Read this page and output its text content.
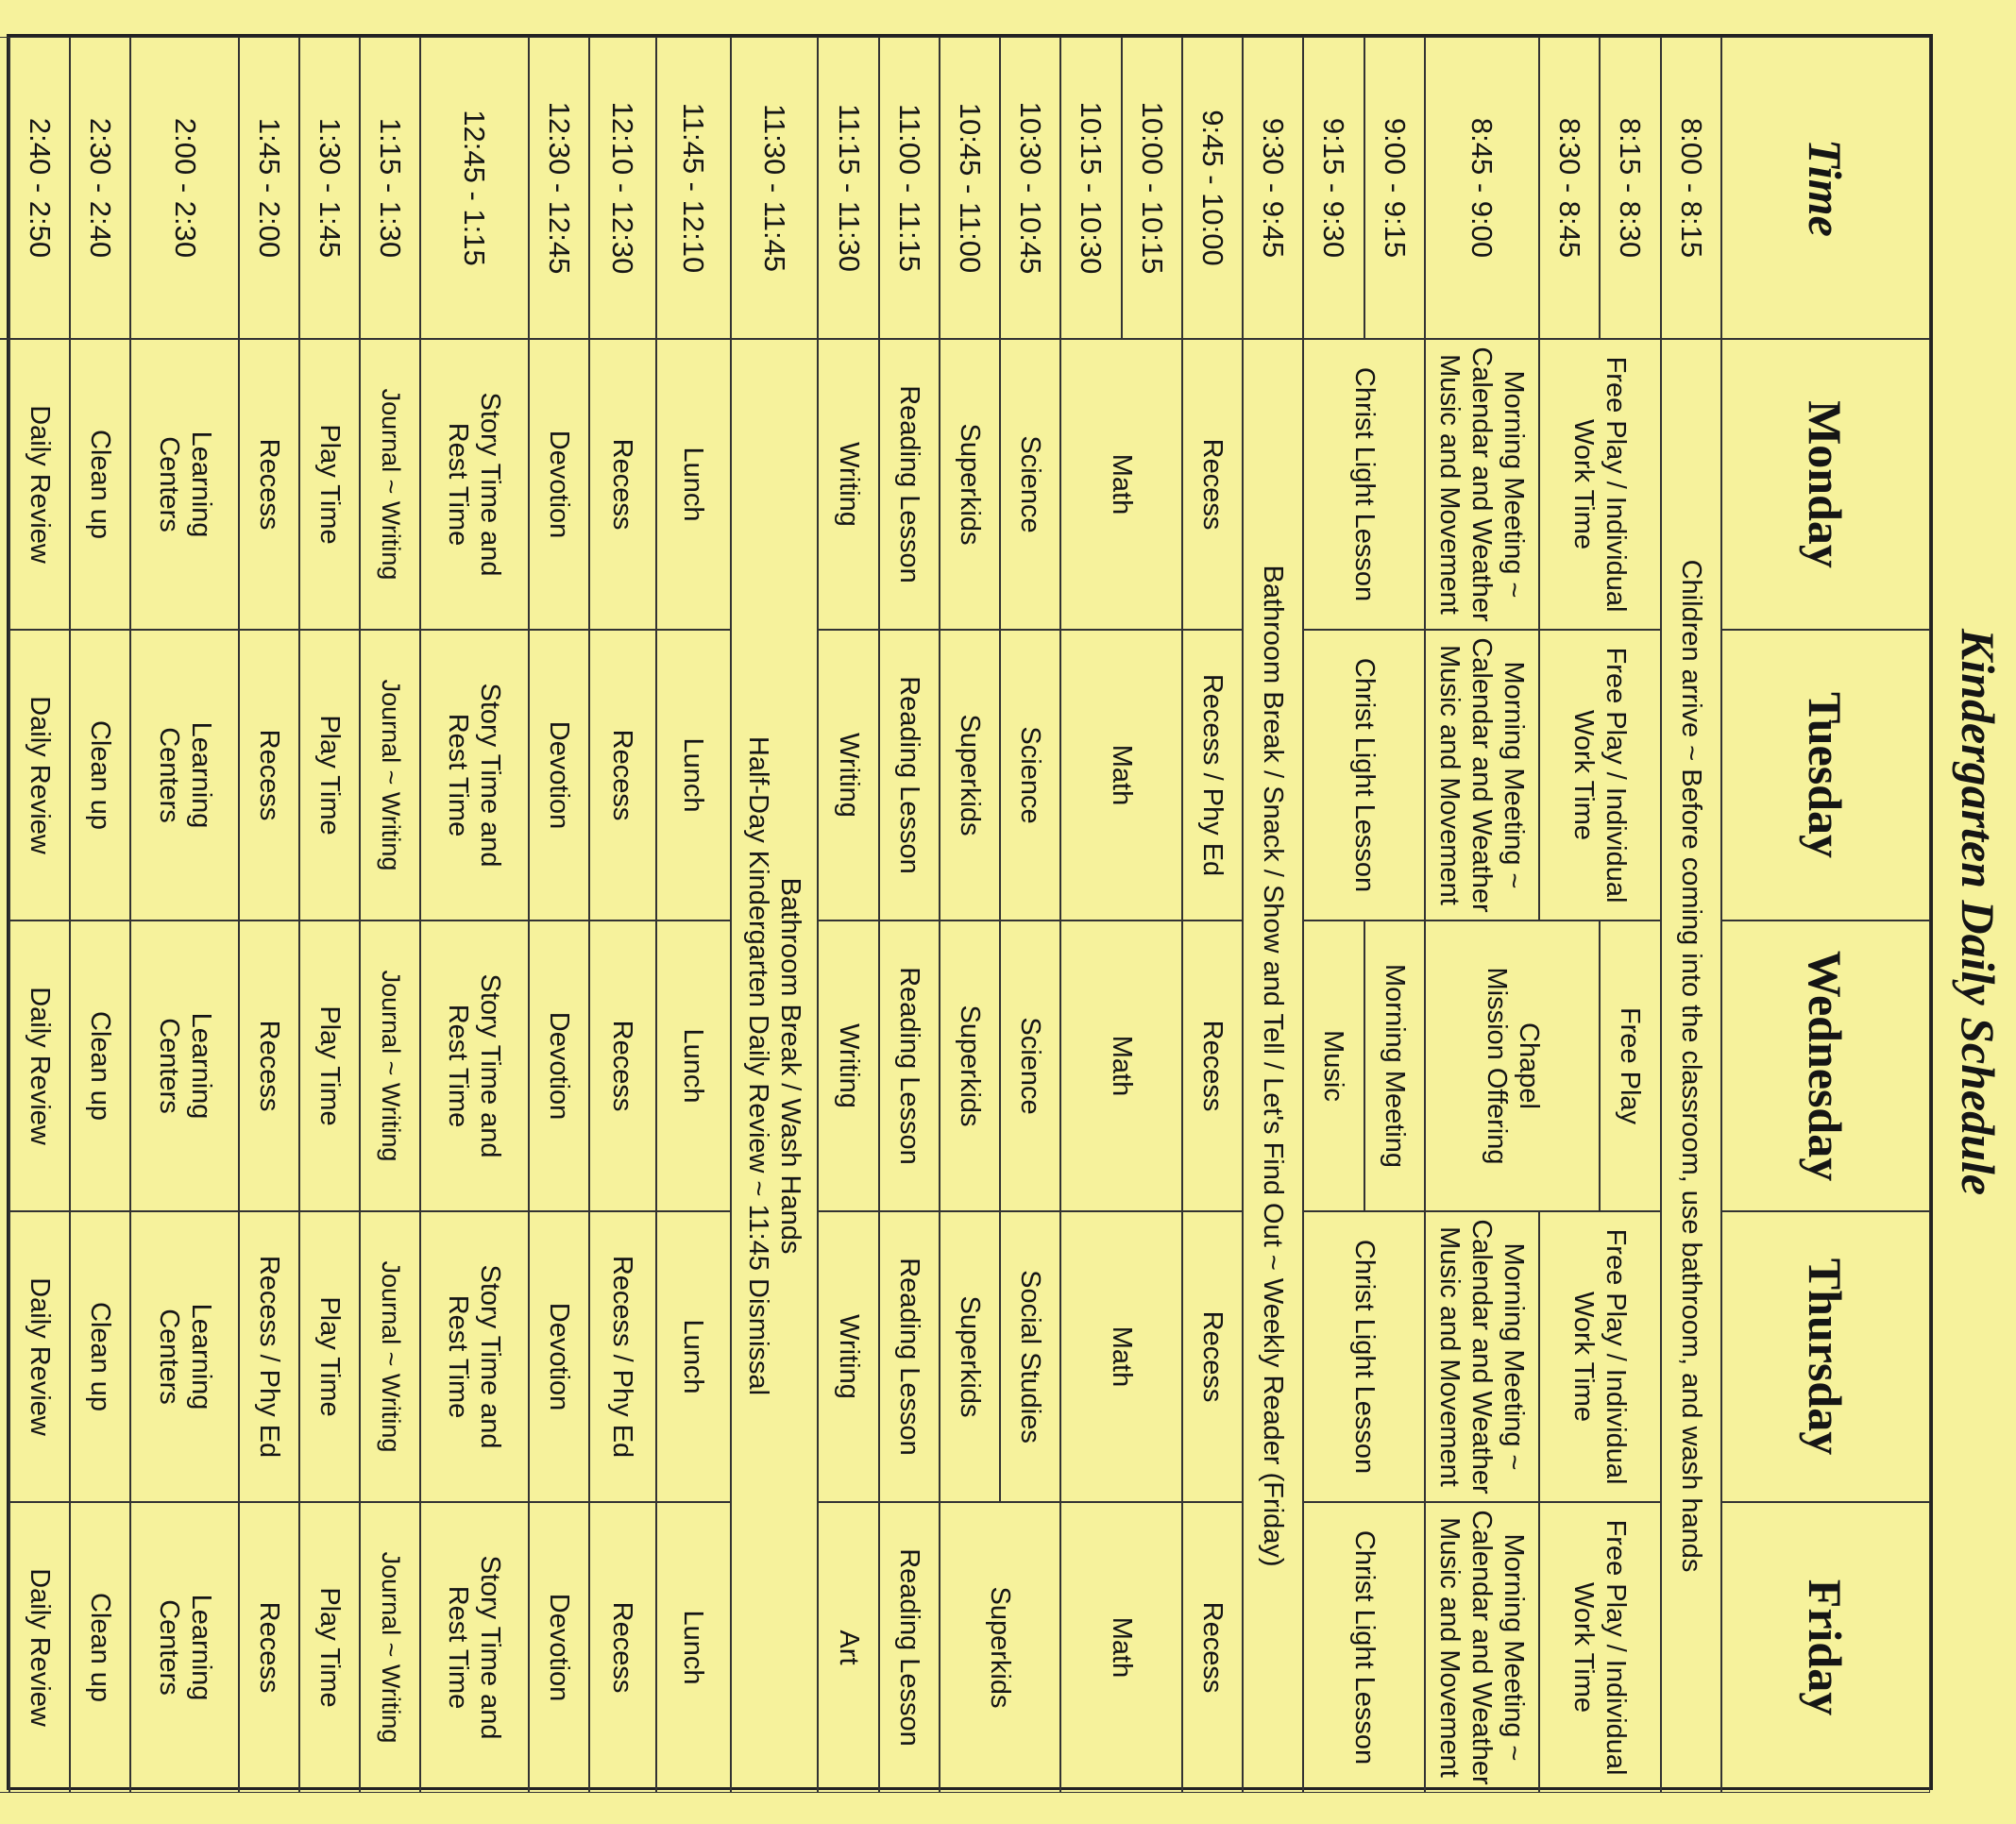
Kindergarten Daily Schedule
Time
Monday
Tuesday
Wednesday
Thursday
Friday
8:00 - 8:15
8:15 - 8:30
8:30 - 8:45
8:45 - 9:00
9:00 - 9:15
9:15 - 9:30
9:30 - 9:45
9:45 - 10:00
10:00 - 10:15
10:15 - 10:30
10:30 - 10:45
10:45 - 11:00
11:00 - 11:15
11:15 - 11:30
11:30 - 11:45
11:45 - 12:10
12:10 - 12:30
12:30 - 12:45
12:45 - 1:15
1:15 - 1:30
1:30 - 1:45
1:45 - 2:00
2:00 - 2:30
2:30 - 2:40
2:40 - 2:50
Children arrive ~ Before coming into the classroom, use bathroom, and wash hands
Bathroom Break / Snack / Show and Tell / Let's Find Out ~ Weekly Reader (Friday)
Bathroom Break / Wash Hands
Half-Day Kindergarten Daily Review ~ 11:45 Dismissal
Free Play / Individual Work Time
Morning Meeting ~
Calendar and Weather
Music and Movement
Christ Light Lesson
Free Play / Individual Work Time
Morning Meeting ~
Calendar and Weather
Music and Movement
Christ Light Lesson
Free Play / Individual Work Time
Morning Meeting ~
Calendar and Weather
Music and Movement
Christ Light Lesson
Free Play / Individual Work Time
Morning Meeting ~
Calendar and Weather
Music and Movement
Christ Light Lesson
Free Play
Chapel
Mission Offering
Morning Meeting
Music
Recess
Recess / Phy Ed
Recess
Recess
Recess
Math
Math
Math
Math
Math
Science
Science
Science
Social Studies
Superkids
Superkids
Superkids
Superkids
Superkids
Reading Lesson
Writing
Reading Lesson
Writing
Reading Lesson
Writing
Reading Lesson
Writing
Reading Lesson
Art
Lunch
Recess
Devotion
Story Time and
Rest Time
Journal ~ Writing
Play Time
Recess
Learning
Centers
Clean up
Daily Review
Lunch
Recess
Devotion
Story Time and
Rest Time
Journal ~ Writing
Play Time
Recess
Learning
Centers
Clean up
Daily Review
Lunch
Recess
Devotion
Story Time and
Rest Time
Journal ~ Writing
Play Time
Recess
Learning
Centers
Clean up
Daily Review
Lunch
Recess / Phy Ed
Devotion
Story Time and
Rest Time
Journal ~ Writing
Play Time
Recess / Phy Ed
Learning
Centers
Clean up
Daily Review
Lunch
Recess
Devotion
Story Time and
Rest Time
Journal ~ Writing
Play Time
Recess
Learning
Centers
Clean up
Daily Review
